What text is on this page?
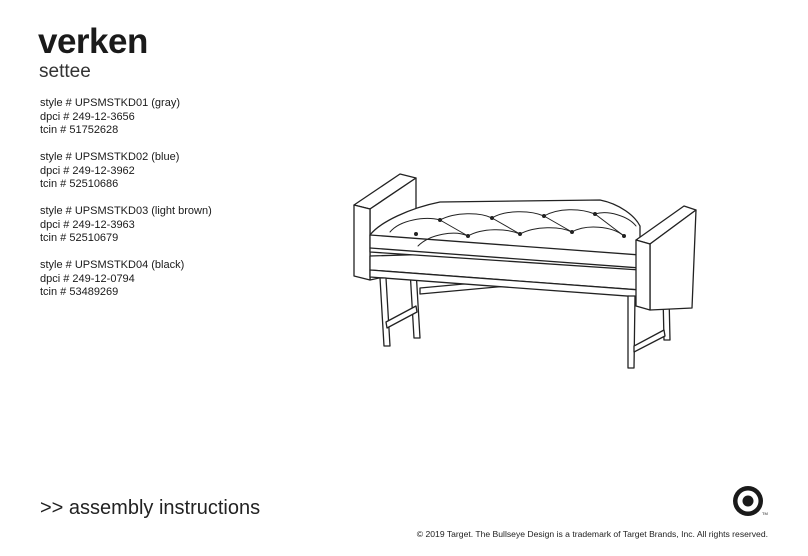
verken
settee
style # UPSMSTKD01 (gray)
dpci # 249-12-3656
tcin # 51752628
style # UPSMSTKD02 (blue)
dpci # 249-12-3962
tcin # 52510686
style # UPSMSTKD03 (light brown)
dpci # 249-12-3963
tcin # 52510679
style # UPSMSTKD04 (black)
dpci # 249-12-0794
tcin # 53489269
>> assembly instructions	TM
© 2019 Target. The Bullseye Design is a trademark of Target Brands, Inc. All rights reserved.
